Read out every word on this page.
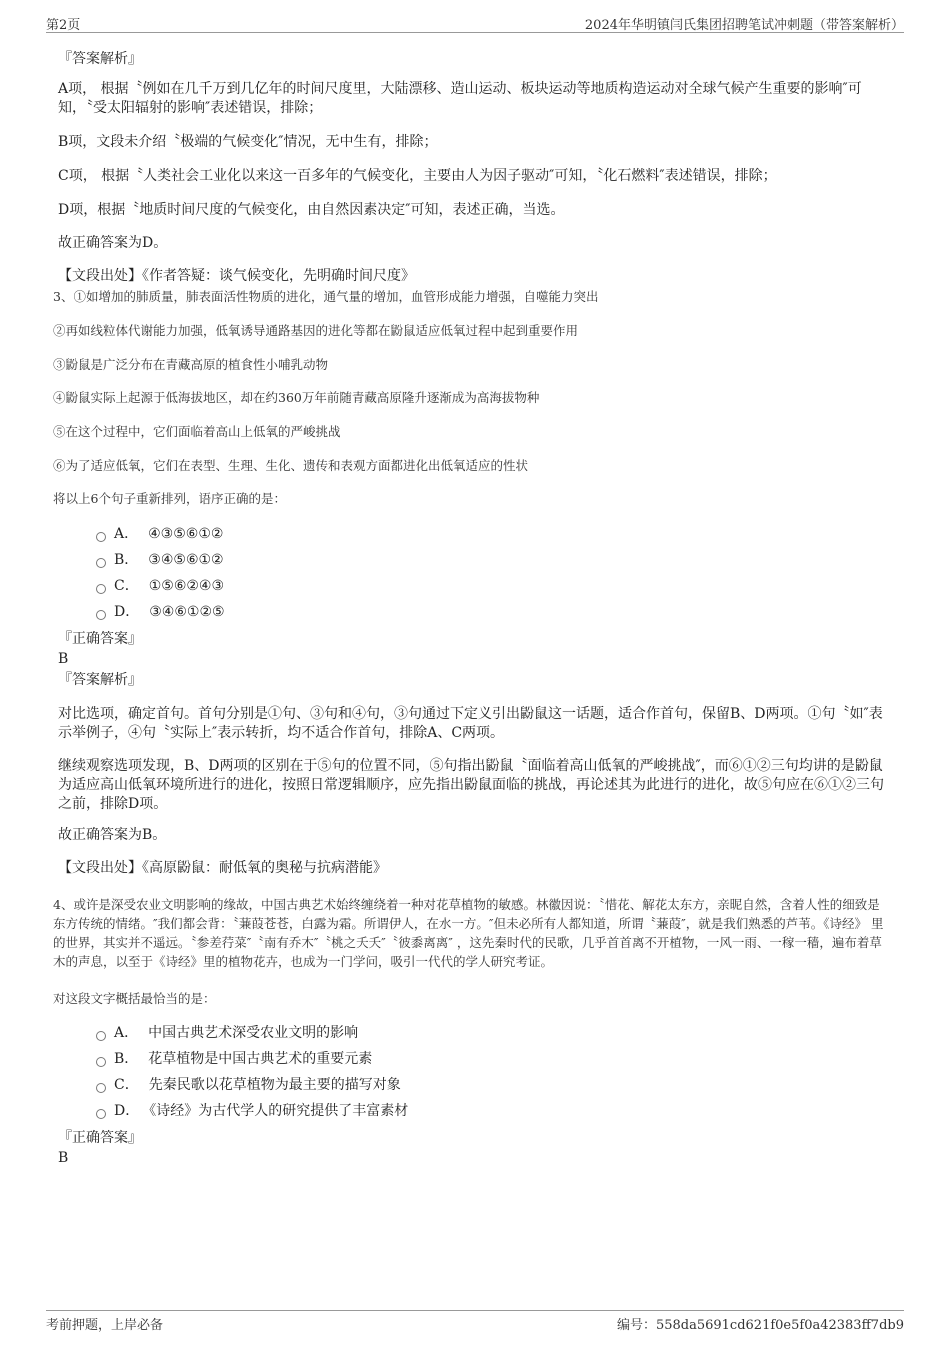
第2页	2024年华明镇闫氏集团招聘笔试冲刺题（带答案解析）
『答案解析』
A项， 根据〝例如在几千万到几亿年的时间尺度里，大陆漂移、造山运动、板块运动等地质构造运动对全球气候产生重要的影响″可知，〝受太阳辐射的影响″表述错误，排除；
B项，文段未介绍〝极端的气候变化″情况，无中生有，排除；
C项， 根据〝人类社会工业化以来这一百多年的气候变化，主要由人为因子驱动″可知，〝化石燃料″表述错误，排除；
D项，根据〝地质时间尺度的气候变化，由自然因素决定″可知，表述正确，当选。
故正确答案为D。
【文段出处】《作者答疑：谈气候变化，先明确时间尺度》
3、①如增加的肺质量，肺表面活性物质的进化，通气量的增加，血管形成能力增强，自噬能力突出
②再如线粒体代谢能力加强，低氧诱导通路基因的进化等都在鼢鼠适应低氧过程中起到重要作用
③鼢鼠是广泛分布在青藏高原的植食性小哺乳动物
④鼢鼠实际上起源于低海拔地区，却在约360万年前随青藏高原隆升逐渐成为高海拔物种
⑤在这个过程中，它们面临着高山上低氧的严峻挑战
⑥为了适应低氧，它们在表型、生理、生化、遗传和表观方面都进化出低氧适应的性状
将以上6个句子重新排列，语序正确的是：
A． ④③⑤⑥①②
B． ③④⑤⑥①②
C． ①⑤⑥②④③
D． ③④⑥①②⑤
『正确答案』
B
『答案解析』
对比选项，确定首句。首句分别是①句、③句和④句，③句通过下定义引出鼢鼠这一话题，适合作首句，保留B、D两项。①句〝如″表示举例子，④句〝实际上″表示转折，均不适合作首句，排除A、C两项。
继续观察选项发现，B、D两项的区别在于⑤句的位置不同，⑤句指出鼢鼠〝面临着高山低氧的严峻挑战″，而⑥①②三句均讲的是鼢鼠为适应高山低氧环境所进行的进化，按照日常逻辑顺序，应先指出鼢鼠面临的挑战，再论述其为此进行的进化，故⑤句应在⑥①②三句之前，排除D项。
故正确答案为B。
【文段出处】《高原鼢鼠：耐低氧的奥秘与抗病潜能》
4、或许是深受农业文明影响的缘故，中国古典艺术始终缠绕着一种对花草植物的敏感。林徽因说：〝惜花、解花太东方，亲昵自然，含着人性的细致是东方传统的情绪。″我们都会背：〝蒹葭苍苍，白露为霜。所谓伊人，在水一方。″但未必所有人都知道，所谓〝蒹葭″，就是我们熟悉的芦苇。《诗经》 里的世界，其实并不遥远。〝参差荇菜″〝南有乔木″〝桃之夭夭″〝彼黍离离″ ，这先秦时代的民歌，几乎首首离不开植物，一风一雨、一稼一穑，遍布着草木的声息，以至于《诗经》里的植物花卉，也成为一门学问，吸引一代代的学人研究考证。
对这段文字概括最恰当的是：
A． 中国古典艺术深受农业文明的影响
B． 花草植物是中国古典艺术的重要元素
C． 先秦民歌以花草植物为最主要的描写对象
D． 《诗经》为古代学人的研究提供了丰富素材
『正确答案』
B
考前押题，上岸必备	编号：558da5691cd621f0e5f0a42383ff7db9
